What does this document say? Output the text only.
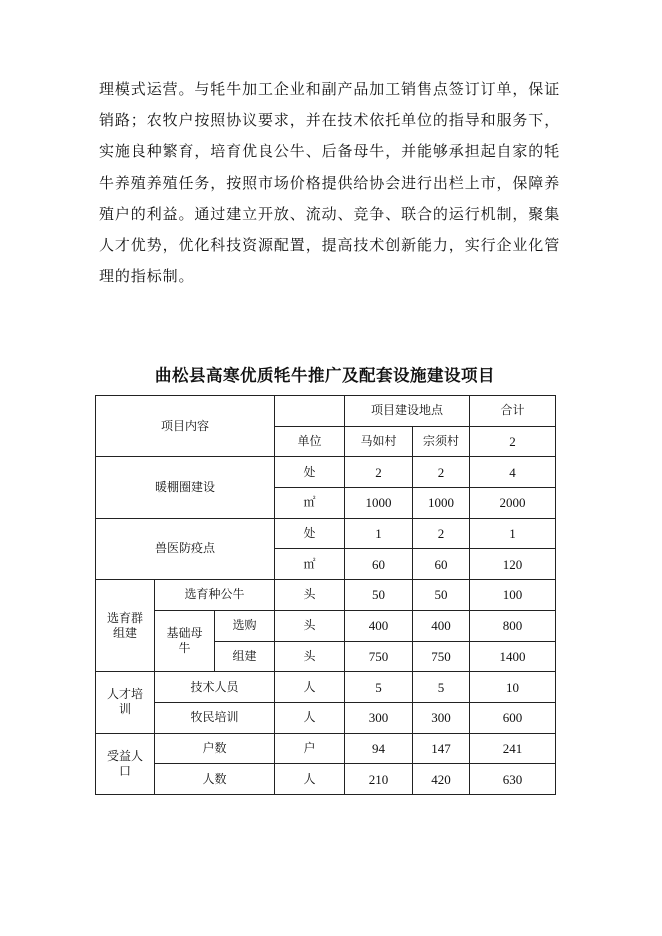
理模式运营。与牦牛加工企业和副产品加工销售点签订订单，保证
销路；农牧户按照协议要求，并在技术依托单位的指导和服务下，
实施良种繁育，培育优良公牛、后备母牛，并能够承担起自家的牦
牛养殖养殖任务，按照市场价格提供给协会进行出栏上市，保障养
殖户的利益。通过建立开放、流动、竞争、联合的运行机制，聚集
人才优势，优化科技资源配置，提高技术创新能力，实行企业化管
理的指标制。
曲松县高寒优质牦牛推广及配套设施建设项目
项目内容				项目建设地点		合计
			单位	马如村	宗须村	2
暖棚圈建设			处	2	2	4
			㎡	1000	1000	2000
兽医防疫点			处	1	2	1
			㎡	60	60	120
选育群组建	选育种公牛		头	50	50	100
	基础母牛	选购	头	400	400	800
		组建	头	750	750	1400
人才培训	技术人员		人	5	5	10
	牧民培训		人	300	300	600
受益人口	户数		户	94	147	241
	人数		人	210	420	630
